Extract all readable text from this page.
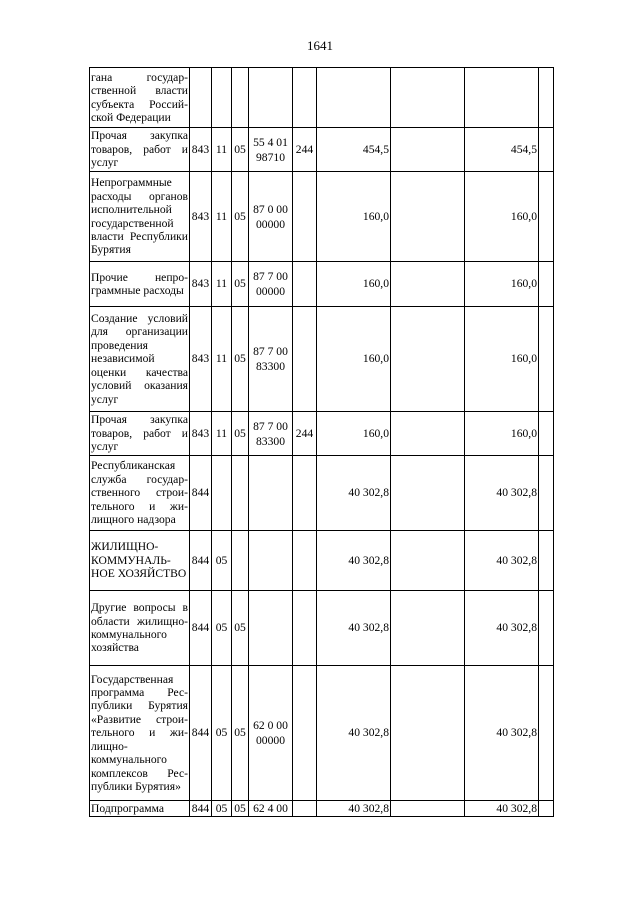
1641
гана государственной власти субъекта Российской Федерации									
Прочая закупка товаров, работ и услуг	843	11	05	55 4 01 98710	244	454,5		454,5	
Непрограммные расходы органов исполнительной государственной власти Республики Бурятия	843	11	05	87 0 00 00000		160,0		160,0	
Прочие непрограммные расходы	843	11	05	87 7 00 00000		160,0		160,0	
Создание условий для организации проведения независимой оценки качества условий оказания услуг	843	11	05	87 7 00 83300		160,0		160,0	
Прочая закупка товаров, работ и услуг	843	11	05	87 7 00 83300	244	160,0		160,0	
Республиканская служба государственного строительного и жилищного надзора	844					40 302,8		40 302,8	
ЖИЛИЩНО-КОММУНАЛЬНОЕ ХОЗЯЙСТВО	844	05				40 302,8		40 302,8	
Другие вопросы в области жилищно-коммунального хозяйства	844	05	05			40 302,8		40 302,8	
Государственная программа Республики Бурятия «Развитие строительного и жилищно-коммунального комплексов Республики Бурятия»	844	05	05	62 0 00 00000		40 302,8		40 302,8	
Подпрограмма	844	05	05	62 4 00		40 302,8		40 302,8	
